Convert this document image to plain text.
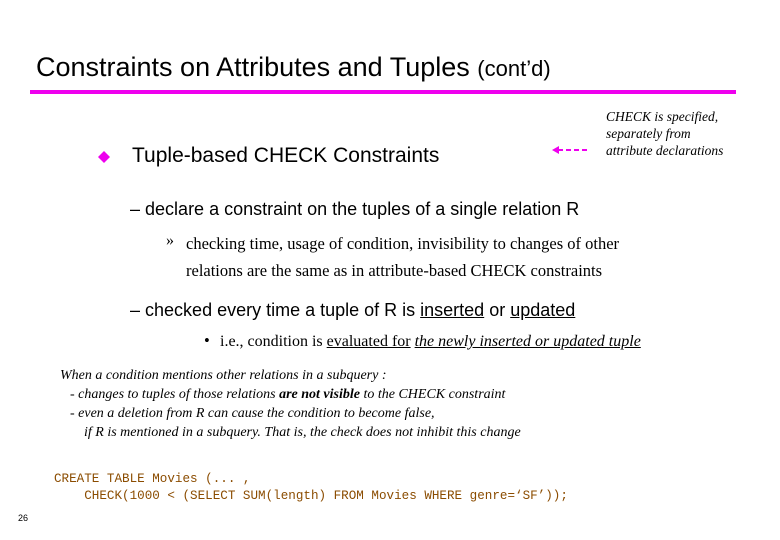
Constraints on Attributes and Tuples (cont’d)
Tuple-based CHECK Constraints
CHECK is specified,
separately from
attribute declarations
– declare a constraint on the tuples of a single relation R
» checking time, usage of condition, invisibility to changes of other
relations are the same as in attribute-based CHECK constraints
– checked every time a tuple of R is inserted or updated
• i.e., condition is evaluated for the newly inserted or updated tuple
When a condition mentions other relations in a subquery :
- changes to tuples of those relations are not visible to the CHECK constraint
- even a deletion from R can cause the condition to become false,
if R is mentioned in a subquery. That is, the check does not inhibit this change
CREATE TABLE Movies (... ,
CHECK(1000 < (SELECT SUM(length) FROM Movies WHERE genre=‘SF’));
26
